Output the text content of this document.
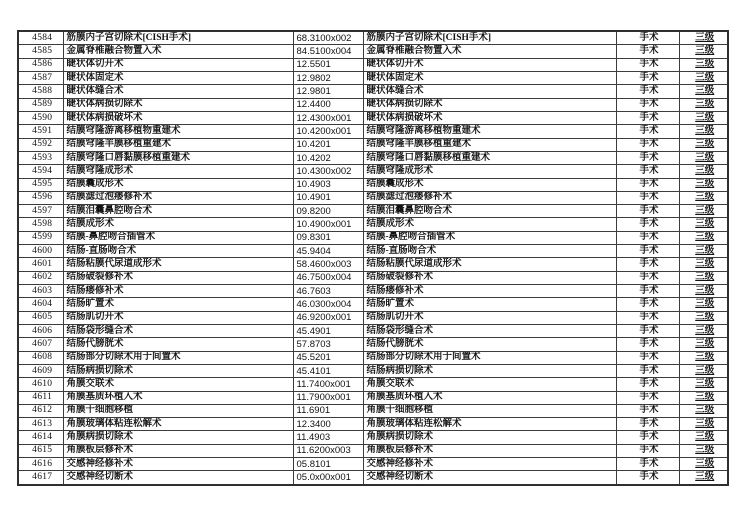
4584	筋膜内子宫切除术[CISH手术]	68.3100x002	筋膜内子宫切除术[CISH手术]	手术	三级
4585	金属脊椎融合物置入术	84.5100x004	金属脊椎融合物置入术	手术	三级
4586	睫状体切开术	12.5501	睫状体切开术	手术	三级
4587	睫状体固定术	12.9802	睫状体固定术	手术	三级
4588	睫状体缝合术	12.9801	睫状体缝合术	手术	三级
4589	睫状体病损切除术	12.4400	睫状体病损切除术	手术	三级
4590	睫状体病损破坏术	12.4300x001	睫状体病损破坏术	手术	三级
4591	结膜穹隆游离移植物重建术	10.4200x001	结膜穹隆游离移植物重建术	手术	三级
4592	结膜穹隆羊膜移植重建术	10.4201	结膜穹隆羊膜移植重建术	手术	三级
4593	结膜穹隆口唇黏膜移植重建术	10.4202	结膜穹隆口唇黏膜移植重建术	手术	三级
4594	结膜穹隆成形术	10.4300x002	结膜穹隆成形术	手术	三级
4595	结膜囊成形术	10.4903	结膜囊成形术	手术	三级
4596	结膜滤过泡瘘修补术	10.4901	结膜滤过泡瘘修补术	手术	三级
4597	结膜泪囊鼻腔吻合术	09.8200	结膜泪囊鼻腔吻合术	手术	三级
4598	结膜成形术	10.4900x001	结膜成形术	手术	三级
4599	结膜-鼻腔吻合插管术	09.8301	结膜-鼻腔吻合插管术	手术	三级
4600	结肠-直肠吻合术	45.9404	结肠-直肠吻合术	手术	三级
4601	结肠粘膜代尿道成形术	58.4600x003	结肠粘膜代尿道成形术	手术	三级
4602	结肠破裂修补术	46.7500x004	结肠破裂修补术	手术	三级
4603	结肠瘘修补术	46.7603	结肠瘘修补术	手术	三级
4604	结肠旷置术	46.0300x004	结肠旷置术	手术	三级
4605	结肠肌切开术	46.9200x001	结肠肌切开术	手术	三级
4606	结肠袋形缝合术	45.4901	结肠袋形缝合术	手术	三级
4607	结肠代膀胱术	57.8703	结肠代膀胱术	手术	三级
4608	结肠部分切除术用于间置术	45.5201	结肠部分切除术用于间置术	手术	三级
4609	结肠病损切除术	45.4101	结肠病损切除术	手术	三级
4610	角膜交联术	11.7400x001	角膜交联术	手术	三级
4611	角膜基质环植入术	11.7900x001	角膜基质环植入术	手术	三级
4612	角膜干细胞移植	11.6901	角膜干细胞移植	手术	三级
4613	角膜玻璃体粘连松解术	12.3400	角膜玻璃体粘连松解术	手术	三级
4614	角膜病损切除术	11.4903	角膜病损切除术	手术	三级
4615	角膜板层修补术	11.6200x003	角膜板层修补术	手术	三级
4616	交感神经修补术	05.8101	交感神经修补术	手术	三级
4617	交感神经切断术	05.0x00x001	交感神经切断术	手术	三级
